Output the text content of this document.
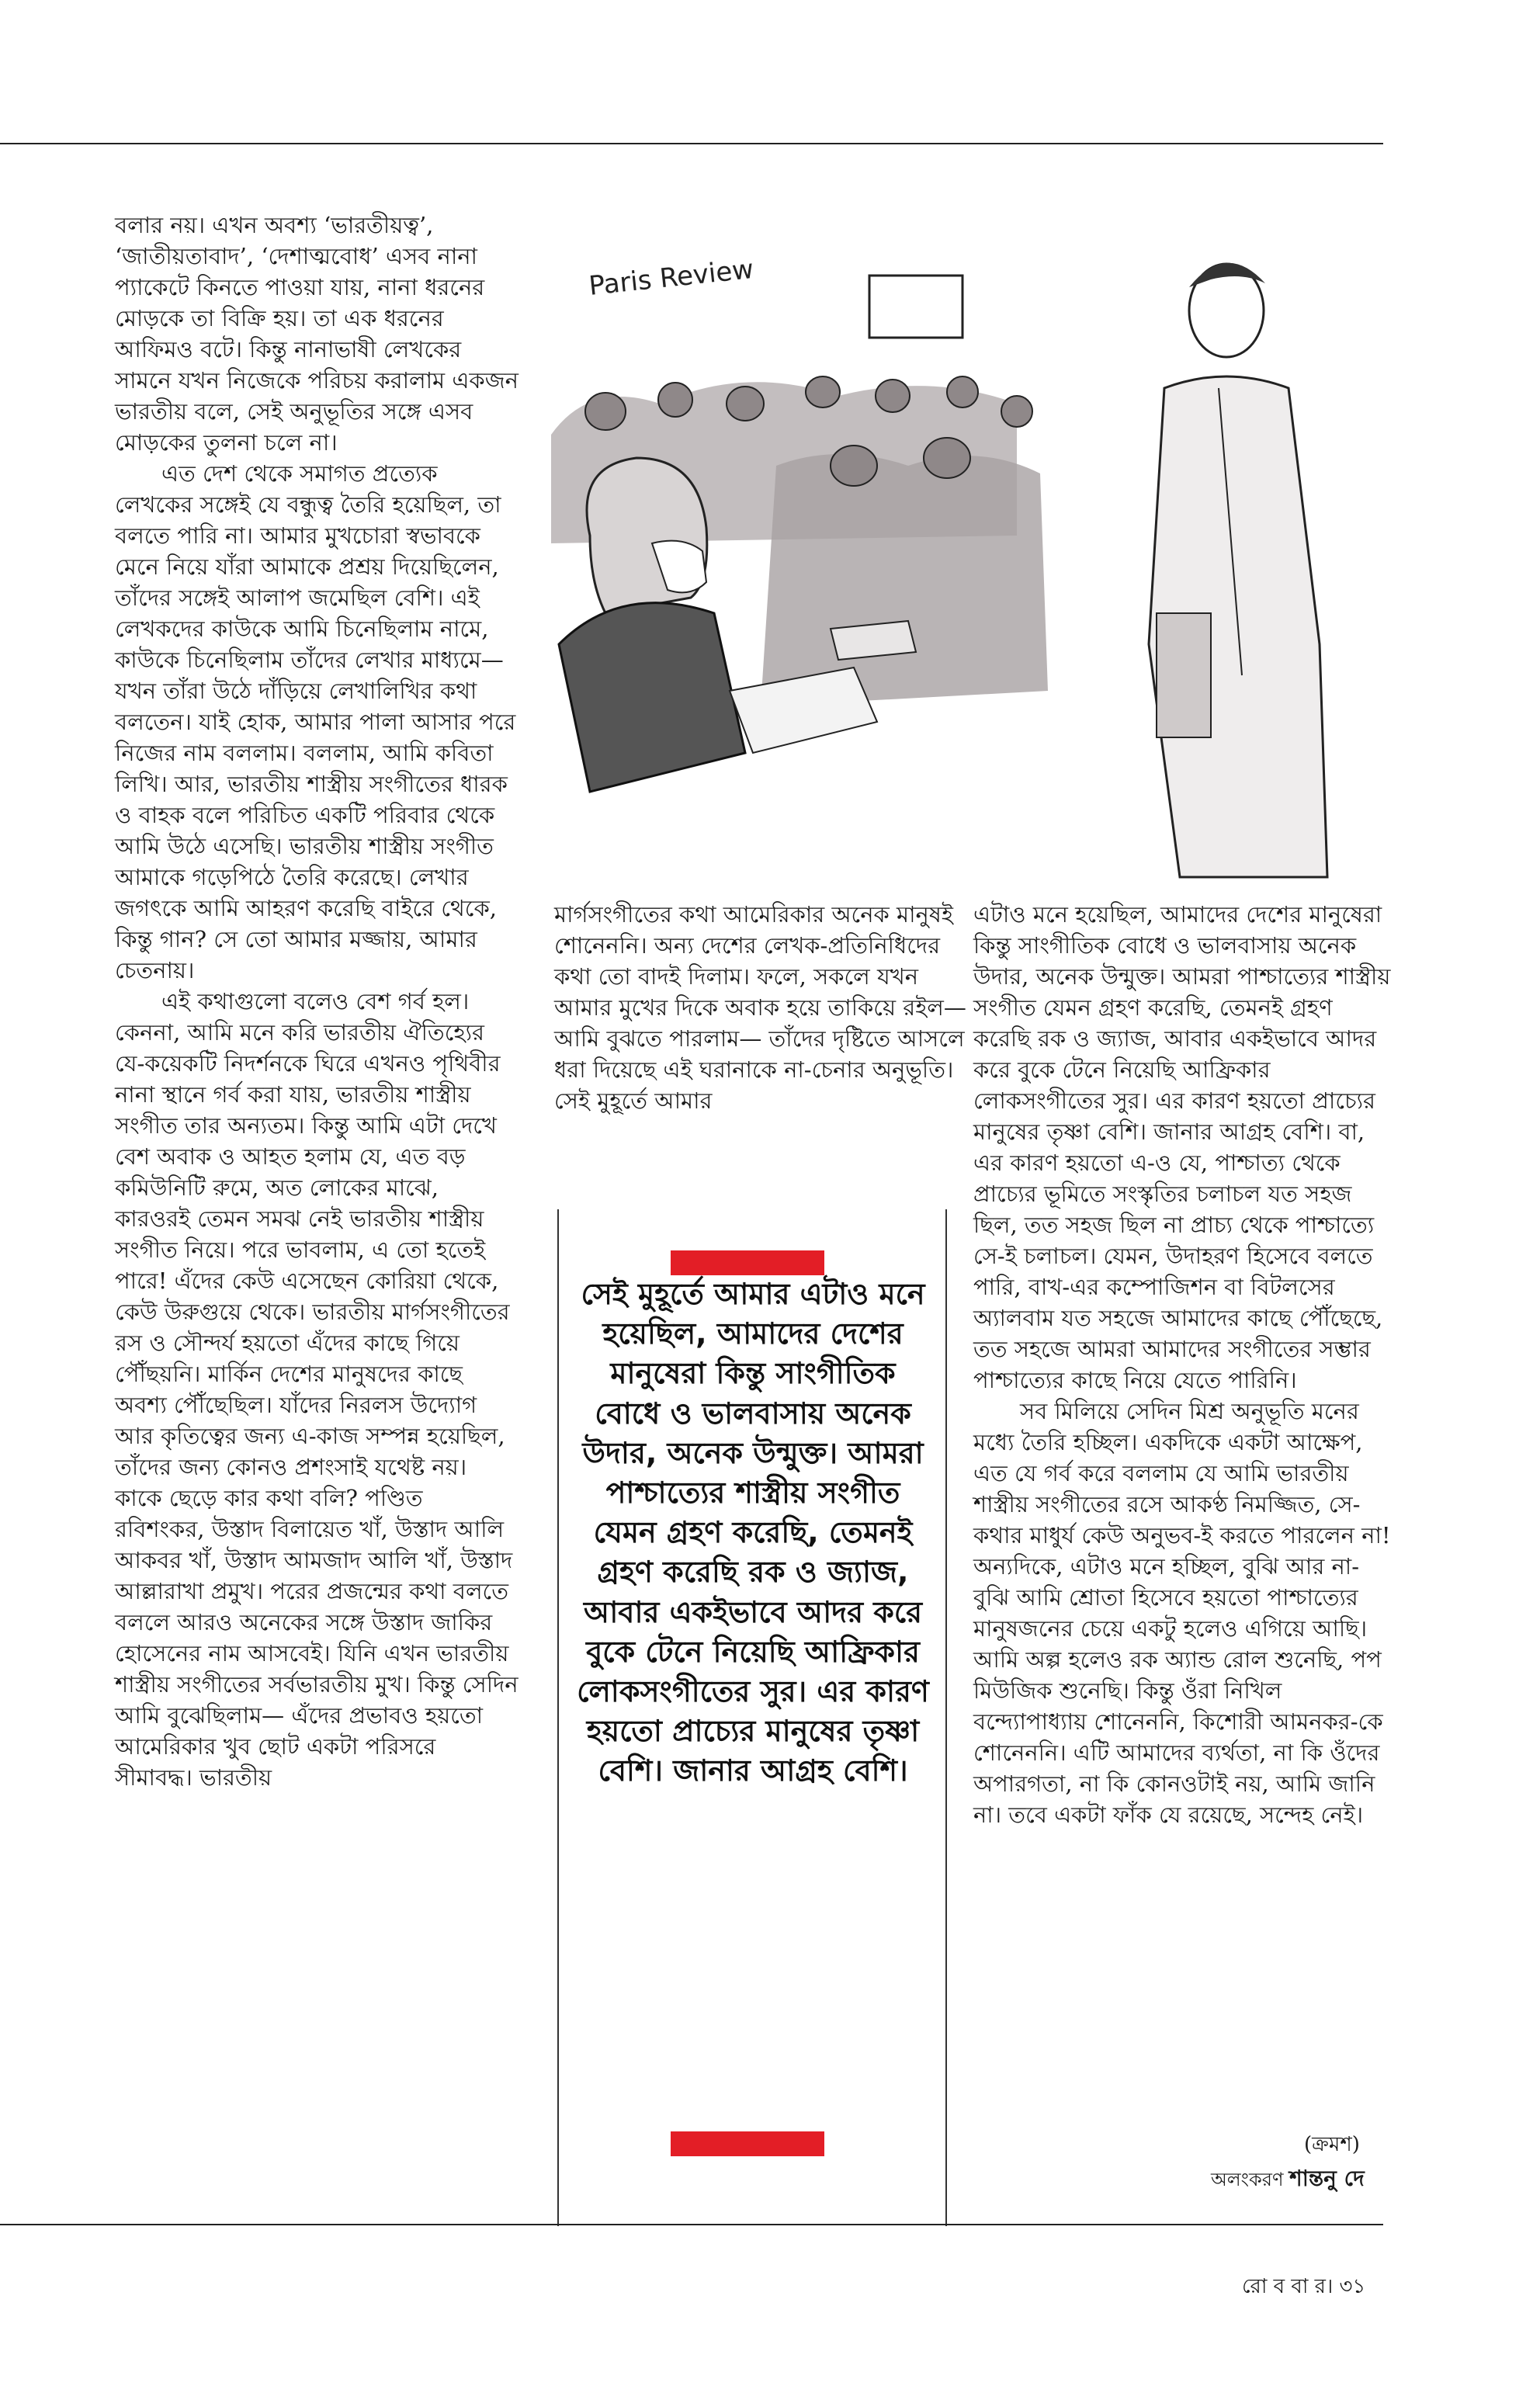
বলার নয়। এখন অবশ্য ‘ভারতীয়ত্ব’, ‘জাতীয়তাবাদ’, ‘দেশাত্মবোধ’ এসব নানা প্যাকেটে কিনতে পাওয়া যায়, নানা ধরনের মোড়কে তা বিক্রি হয়। তা এক ধরনের আফিমও বটে। কিন্তু নানাভাষী লেখকের সামনে যখন নিজেকে পরিচয় করালাম একজন ভারতীয় বলে, সেই অনুভূতির সঙ্গে এসব মোড়কের তুলনা চলে না।

এত দেশ থেকে সমাগত প্রত্যেক লেখকের সঙ্গেই যে বন্ধুত্ব তৈরি হয়েছিল, তা বলতে পারি না। আমার মুখচোরা স্বভাবকে মেনে নিয়ে যাঁরা আমাকে প্রশ্রয় দিয়েছিলেন, তাঁদের সঙ্গেই আলাপ জমেছিল বেশি। এই লেখকদের কাউকে আমি চিনেছিলাম নামে, কাউকে চিনেছিলাম তাঁদের লেখার মাধ্যমে— যখন তাঁরা উঠে দাঁড়িয়ে লেখালিখির কথা বলতেন। যাই হোক, আমার পালা আসার পরে নিজের নাম বললাম। বললাম, আমি কবিতা লিখি। আর, ভারতীয় শাস্ত্রীয় সংগীতের ধারক ও বাহক বলে পরিচিত একটি পরিবার থেকে আমি উঠে এসেছি। ভারতীয় শাস্ত্রীয় সংগীত আমাকে গড়েপিঠে তৈরি করেছে। লেখার জগৎকে আমি আহরণ করেছি বাইরে থেকে, কিন্তু গান? সে তো আমার মজ্জায়, আমার চেতনায়।

এই কথাগুলো বলেও বেশ গর্ব হল। কেননা, আমি মনে করি ভারতীয় ঐতিহ্যের যে-কয়েকটি নিদর্শনকে ঘিরে এখনও পৃথিবীর নানা স্থানে গর্ব করা যায়, ভারতীয় শাস্ত্রীয় সংগীত তার অন্যতম। কিন্তু আমি এটা দেখে বেশ অবাক ও আহত হলাম যে, এত বড় কমিউনিটি রুমে, অত লোকের মাঝে, কারওরই তেমন সমঝ নেই ভারতীয় শাস্ত্রীয় সংগীত নিয়ে। পরে ভাবলাম, এ তো হতেই পারে! এঁদের কেউ এসেছেন কোরিয়া থেকে, কেউ উরুগুয়ে থেকে। ভারতীয় মার্গসংগীতের রস ও সৌন্দর্য হয়তো এঁদের কাছে গিয়ে পৌঁছয়নি। মার্কিন দেশের মানুষদের কাছে অবশ্য পৌঁছেছিল। যাঁদের নিরলস উদ্যোগ আর কৃতিত্বের জন্য এ-কাজ সম্পন্ন হয়েছিল, তাঁদের জন্য কোনও প্রশংসাই যথেষ্ট নয়। কাকে ছেড়ে কার কথা বলি? পণ্ডিত রবিশংকর, উস্তাদ বিলায়েত খাঁ, উস্তাদ আলি আকবর খাঁ, উস্তাদ আমজাদ আলি খাঁ, উস্তাদ আল্লারাখা প্রমুখ। পরের প্রজন্মের কথা বলতে বললে আরও অনেকের সঙ্গে উস্তাদ জাকির হোসেনের নাম আসবেই। যিনি এখন ভারতীয় শাস্ত্রীয় সংগীতের সর্বভারতীয় মুখ। কিন্তু সেদিন আমি বুঝেছিলাম— এঁদের প্রভাবও হয়তো আমেরিকার খুব ছোট একটা পরিসরে সীমাবদ্ধ। ভারতীয়

Paris Review

মার্গসংগীতের কথা আমেরিকার অনেক মানুষই শোনেননি। অন্য দেশের লেখক-প্রতিনিধিদের কথা তো বাদই দিলাম। ফলে, সকলে যখন আমার মুখের দিকে অবাক হয়ে তাকিয়ে রইল— আমি বুঝতে পারলাম— তাঁদের দৃষ্টিতে আসলে ধরা দিয়েছে এই ঘরানাকে না-চেনার অনুভূতি। সেই মুহূর্তে আমার

এটাও মনে হয়েছিল, আমাদের দেশের মানুষেরা কিন্তু সাংগীতিক বোধে ও ভালবাসায় অনেক উদার, অনেক উন্মুক্ত। আমরা পাশ্চাত্যের শাস্ত্রীয় সংগীত যেমন গ্রহণ করেছি, তেমনই গ্রহণ করেছি রক ও জ্যাজ, আবার একইভাবে আদর করে বুকে টেনে নিয়েছি আফ্রিকার লোকসংগীতের সুর। এর কারণ হয়তো প্রাচ্যের মানুষের তৃষ্ণা বেশি। জানার আগ্রহ বেশি। বা, এর কারণ হয়তো এ-ও যে, পাশ্চাত্য থেকে প্রাচ্যের ভূমিতে সংস্কৃতির চলাচল যত সহজ ছিল, তত সহজ ছিল না প্রাচ্য থেকে পাশ্চাত্যে সে-ই চলাচল। যেমন, উদাহরণ হিসেবে বলতে পারি, বাখ-এর কম্পোজিশন বা বিটলসের অ্যালবাম যত সহজে আমাদের কাছে পৌঁছেছে, তত সহজে আমরা আমাদের সংগীতের সম্ভার পাশ্চাত্যের কাছে নিয়ে যেতে পারিনি।

সব মিলিয়ে সেদিন মিশ্র অনুভূতি মনের মধ্যে তৈরি হচ্ছিল। একদিকে একটা আক্ষেপ, এত যে গর্ব করে বললাম যে আমি ভারতীয় শাস্ত্রীয় সংগীতের রসে আকণ্ঠ নিমজ্জিত, সে-কথার মাধুর্য কেউ অনুভব-ই করতে পারলেন না! অন্যদিকে, এটাও মনে হচ্ছিল, বুঝি আর না-বুঝি আমি শ্রোতা হিসেবে হয়তো পাশ্চাত্যের মানুষজনের চেয়ে একটু হলেও এগিয়ে আছি। আমি অল্প হলেও রক অ্যান্ড রোল শুনেছি, পপ মিউজিক শুনেছি। কিন্তু ওঁরা নিখিল বন্দ্যোপাধ্যায় শোনেননি, কিশোরী আমনকর-কে শোনেননি। এটি আমাদের ব্যর্থতা, না কি ওঁদের অপারগতা, না কি কোনওটাই নয়, আমি জানি না। তবে একটা ফাঁক যে রয়েছে, সন্দেহ নেই।

সেই মুহূর্তে আমার এটাও মনে হয়েছিল, আমাদের দেশের মানুষেরা কিন্তু সাংগীতিক বোধে ও ভালবাসায় অনেক উদার, অনেক উন্মুক্ত। আমরা পাশ্চাত্যের শাস্ত্রীয় সংগীত যেমন গ্রহণ করেছি, তেমনই গ্রহণ করেছি রক ও জ্যাজ, আবার একইভাবে আদর করে বুকে টেনে নিয়েছি আফ্রিকার লোকসংগীতের সুর। এর কারণ হয়তো প্রাচ্যের মানুষের তৃষ্ণা বেশি। জানার আগ্রহ বেশি।
(ক্রমশ)
অলংকরণ শান্তনু দে
রো ব বা র। ৩১
